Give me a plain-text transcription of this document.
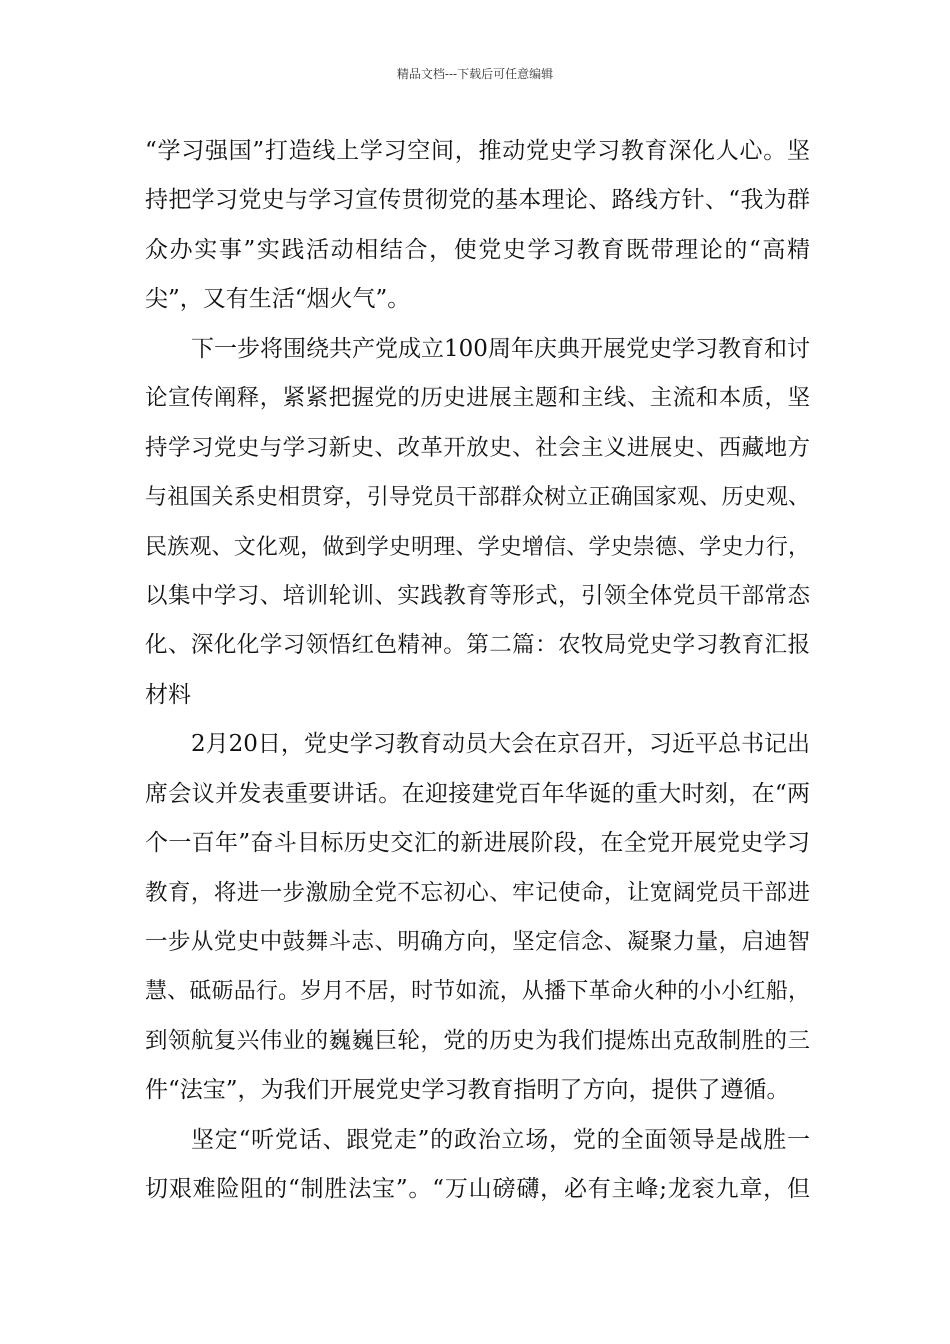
精品文档---下载后可任意编辑
“学习强国”打造线上学习空间，推动党史学习教育深化人心。坚
持把学习党史与学习宣传贯彻党的基本理论、路线方针、“我为群
众办实事”实践活动相结合，使党史学习教育既带理论的“高精
尖”，又有生活“烟火气”。
下一步将围绕共产党成立100周年庆典开展党史学习教育和讨
论宣传阐释，紧紧把握党的历史进展主题和主线、主流和本质，坚
持学习党史与学习新史、改革开放史、社会主义进展史、西藏地方
与祖国关系史相贯穿，引导党员干部群众树立正确国家观、历史观、
民族观、文化观，做到学史明理、学史增信、学史崇德、学史力行，
以集中学习、培训轮训、实践教育等形式，引领全体党员干部常态
化、深化化学习领悟红色精神。第二篇：农牧局党史学习教育汇报
材料
2月20日，党史学习教育动员大会在京召开，习近平总书记出
席会议并发表重要讲话。在迎接建党百年华诞的重大时刻，在“两
个一百年”奋斗目标历史交汇的新进展阶段，在全党开展党史学习
教育，将进一步激励全党不忘初心、牢记使命，让宽阔党员干部进
一步从党史中鼓舞斗志、明确方向，坚定信念、凝聚力量，启迪智
慧、砥砺品行。岁月不居，时节如流，从播下革命火种的小小红船，
到领航复兴伟业的巍巍巨轮，党的历史为我们提炼出克敌制胜的三
件“法宝”，为我们开展党史学习教育指明了方向，提供了遵循。
坚定“听党话、跟党走”的政治立场，党的全面领导是战胜一
切艰难险阻的“制胜法宝”。“万山磅礴，必有主峰;龙衮九章，但
